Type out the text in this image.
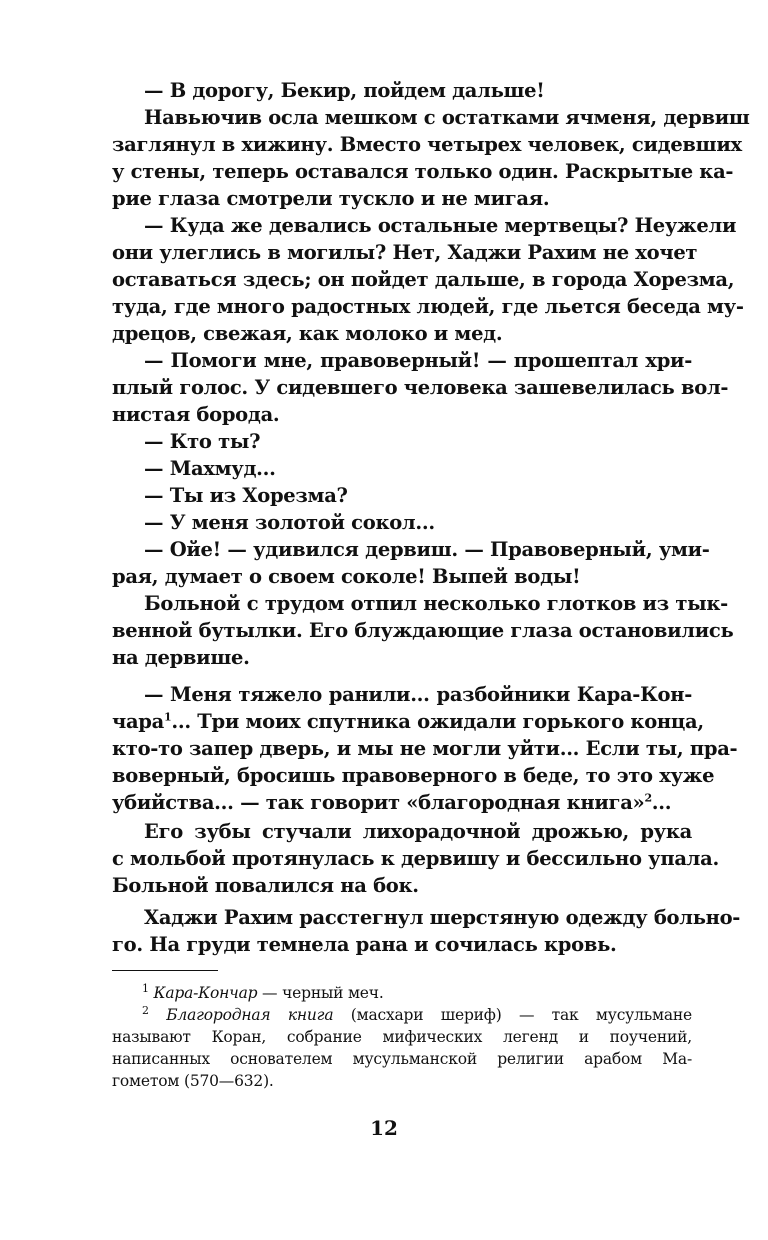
— В дорогу, Бекир, пойдем дальше!
Навьючив осла мешком с остатками ячменя, дервиш
заглянул в хижину. Вместо четырех человек, сидевших
у стены, теперь оставался только один. Раскрытые ка-
рие глаза смотрели тускло и не мигая.
— Куда же девались остальные мертвецы? Неужели
они улеглись в могилы? Нет, Хаджи Рахим не хочет
оставаться здесь; он пойдет дальше, в города Хорезма,
туда, где много радостных людей, где льется беседа му-
дрецов, свежая, как молоко и мед.
— Помоги мне, правоверный! — прошептал хри-
плый голос. У сидевшего человека зашевелилась вол-
нистая борода.
— Кто ты?
— Махмуд...
— Ты из Хорезма?
— У меня золотой сокол...
— Ойе! — удивился дервиш. — Правоверный, уми-
рая, думает о своем соколе! Выпей воды!
Больной с трудом отпил несколько глотков из тык-
венной бутылки. Его блуждающие глаза остановились
на дервише.
— Меня тяжело ранили... разбойники Кара-Кон-
чара$^1$... Три моих спутника ожидали горького конца,
кто-то запер дверь, и мы не могли уйти... Если ты, пра-
воверный, бросишь правоверного в беде, то это хуже
убийства... — так говорит «благородная книга»$^2$...
Его зубы стучали лихорадочной дрожью, рука
с мольбой протянулась к дервишу и бессильно упала.
Больной повалился на бок.
Хаджи Рахим расстегнул шерстяную одежду больно-
го. На груди темнела рана и сочилась кровь.
$^1$ Кара-Кончар — черный меч.
$^2$ Благородная книга (масхари шериф) — так мусульмане
называют Коран, собрание мифических легенд и поучений,
написанных основателем мусульманской религии арабом Ма-
гометом (570—632).
12
